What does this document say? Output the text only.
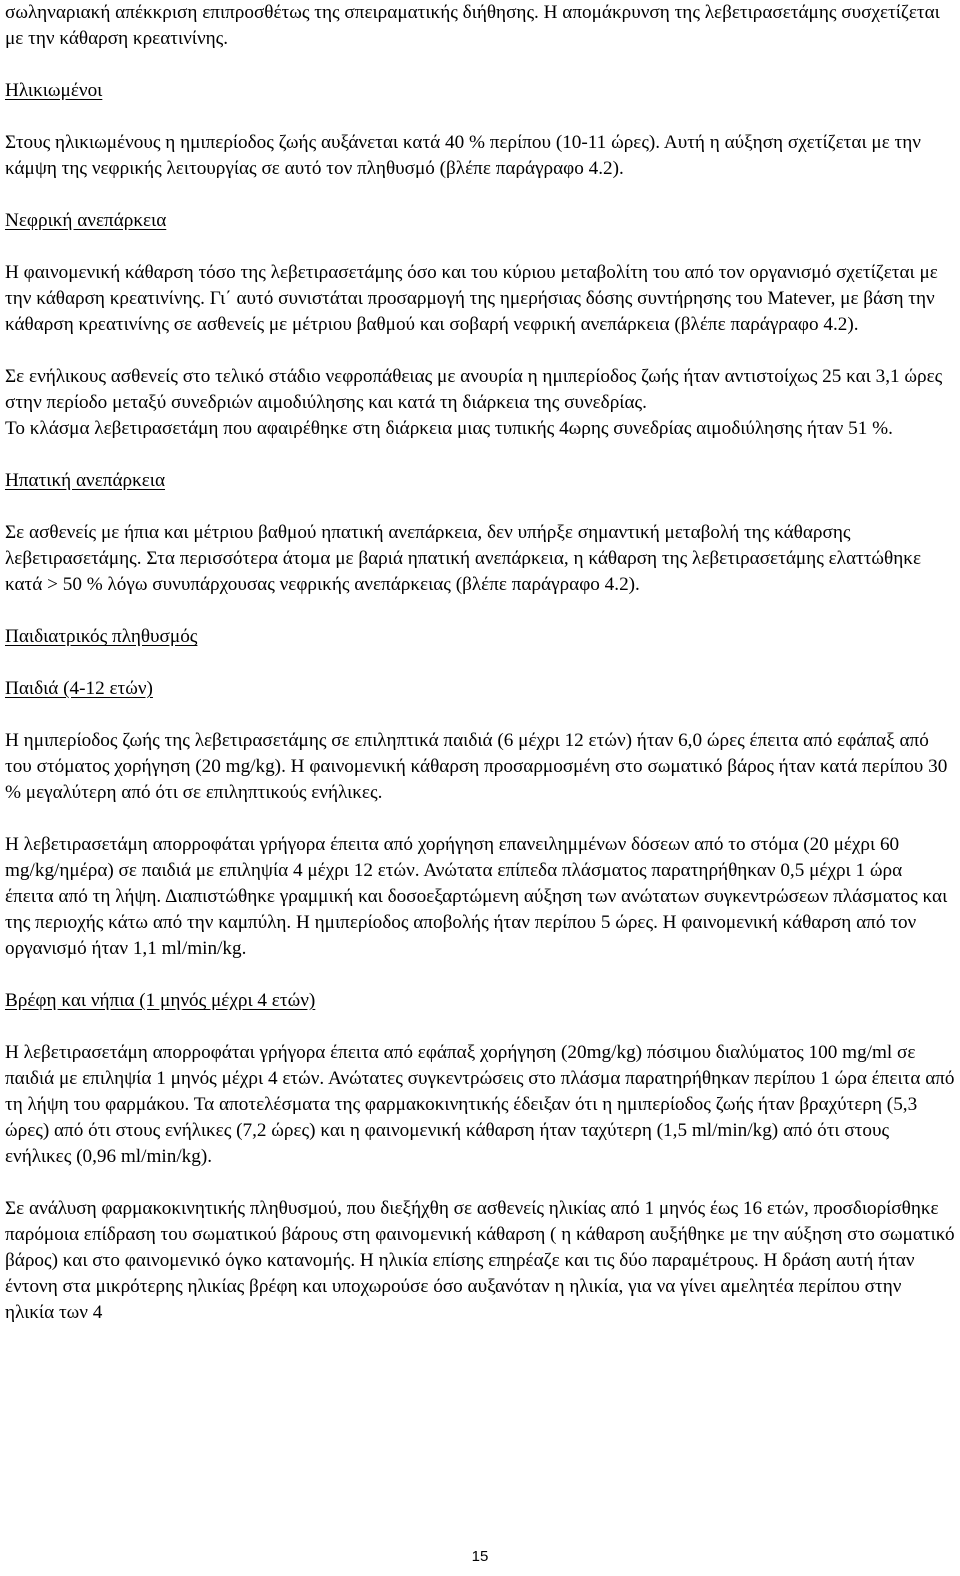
σωληναριακή απέκκριση επιπροσθέτως της σπειραματικής διήθησης. Η απομάκρυνση της λεβετιρασετάμης συσχετίζεται με την κάθαρση κρεατινίνης.

Ηλικιωμένοι

Στους ηλικιωμένους η ημιπερίοδος ζωής αυξάνεται κατά 40 % περίπου (10-11 ώρες). Αυτή η αύξηση σχετίζεται με την κάμψη της νεφρικής λειτουργίας σε αυτό τον πληθυσμό (βλέπε παράγραφο 4.2).

Νεφρική ανεπάρκεια

Η φαινομενική κάθαρση τόσο της λεβετιρασετάμης όσο και του κύριου μεταβολίτη του από τον οργανισμό σχετίζεται με την κάθαρση κρεατινίνης. Γι΄ αυτό συνιστάται προσαρμογή της ημερήσιας δόσης συντήρησης του Matever, με βάση την κάθαρση κρεατινίνης σε ασθενείς με μέτριου βαθμού και σοβαρή νεφρική ανεπάρκεια (βλέπε παράγραφο 4.2).

Σε ενήλικους ασθενείς στο τελικό στάδιο νεφροπάθειας με ανουρία η ημιπερίοδος ζωής ήταν αντιστοίχως 25 και 3,1 ώρες στην περίοδο μεταξύ συνεδριών αιμοδιύλησης και κατά τη διάρκεια της συνεδρίας.

Το κλάσμα λεβετιρασετάμη που αφαιρέθηκε στη διάρκεια μιας τυπικής 4ωρης συνεδρίας αιμοδιύλησης ήταν 51 %.

Ηπατική ανεπάρκεια

Σε ασθενείς με ήπια και μέτριου βαθμού ηπατική ανεπάρκεια, δεν υπήρξε σημαντική μεταβολή της κάθαρσης λεβετιρασετάμης. Στα περισσότερα άτομα με βαριά ηπατική ανεπάρκεια, η κάθαρση της λεβετιρασετάμης ελαττώθηκε κατά > 50 % λόγω συνυπάρχουσας νεφρικής ανεπάρκειας (βλέπε παράγραφο 4.2).

Παιδιατρικός πληθυσμός

Παιδιά (4-12 ετών)

Η ημιπερίοδος ζωής της λεβετιρασετάμης σε επιληπτικά παιδιά (6 μέχρι 12 ετών) ήταν 6,0 ώρες έπειτα από εφάπαξ από του στόματος χορήγηση (20 mg/kg). Η φαινομενική κάθαρση προσαρμοσμένη στο σωματικό βάρος ήταν κατά περίπου 30 % μεγαλύτερη από ότι σε επιληπτικούς ενήλικες.

Η λεβετιρασετάμη απορροφάται γρήγορα έπειτα από χορήγηση επανειλημμένων δόσεων από το στόμα (20 μέχρι 60 mg/kg/ημέρα) σε παιδιά με επιληψία 4 μέχρι 12 ετών. Ανώτατα επίπεδα πλάσματος παρατηρήθηκαν 0,5 μέχρι 1 ώρα έπειτα από τη λήψη. Διαπιστώθηκε γραμμική και δοσοεξαρτώμενη αύξηση των ανώτατων συγκεντρώσεων πλάσματος και της περιοχής κάτω από την καμπύλη. Η ημιπερίοδος αποβολής ήταν περίπου 5 ώρες. Η φαινομενική κάθαρση από τον οργανισμό ήταν 1,1 ml/min/kg.

Βρέφη και νήπια (1 μηνός μέχρι 4 ετών)

Η λεβετιρασετάμη απορροφάται γρήγορα έπειτα από εφάπαξ χορήγηση (20mg/kg) πόσιμου διαλύματος 100 mg/ml σε παιδιά με επιληψία 1 μηνός μέχρι 4 ετών. Ανώτατες συγκεντρώσεις στο πλάσμα παρατηρήθηκαν περίπου 1 ώρα έπειτα από τη λήψη του φαρμάκου. Τα αποτελέσματα της φαρμακοκινητικής έδειξαν ότι η ημιπερίοδος ζωής ήταν βραχύτερη (5,3 ώρες) από ότι στους ενήλικες (7,2 ώρες) και η φαινομενική κάθαρση ήταν ταχύτερη (1,5 ml/min/kg) από ότι στους ενήλικες (0,96 ml/min/kg).

Σε ανάλυση φαρμακοκινητικής πληθυσμού, που διεξήχθη σε ασθενείς ηλικίας από 1 μηνός έως 16 ετών, προσδιορίσθηκε παρόμοια επίδραση του σωματικού βάρους στη φαινομενική κάθαρση ( η κάθαρση αυξήθηκε με την αύξηση στο σωματικό βάρος) και στο φαινομενικό όγκο κατανομής. Η ηλικία επίσης επηρέαζε και τις δύο παραμέτρους. Η δράση αυτή ήταν έντονη στα μικρότερης ηλικίας βρέφη και υποχωρούσε όσο αυξανόταν η ηλικία, για να γίνει αμελητέα περίπου στην ηλικία των 4

15
